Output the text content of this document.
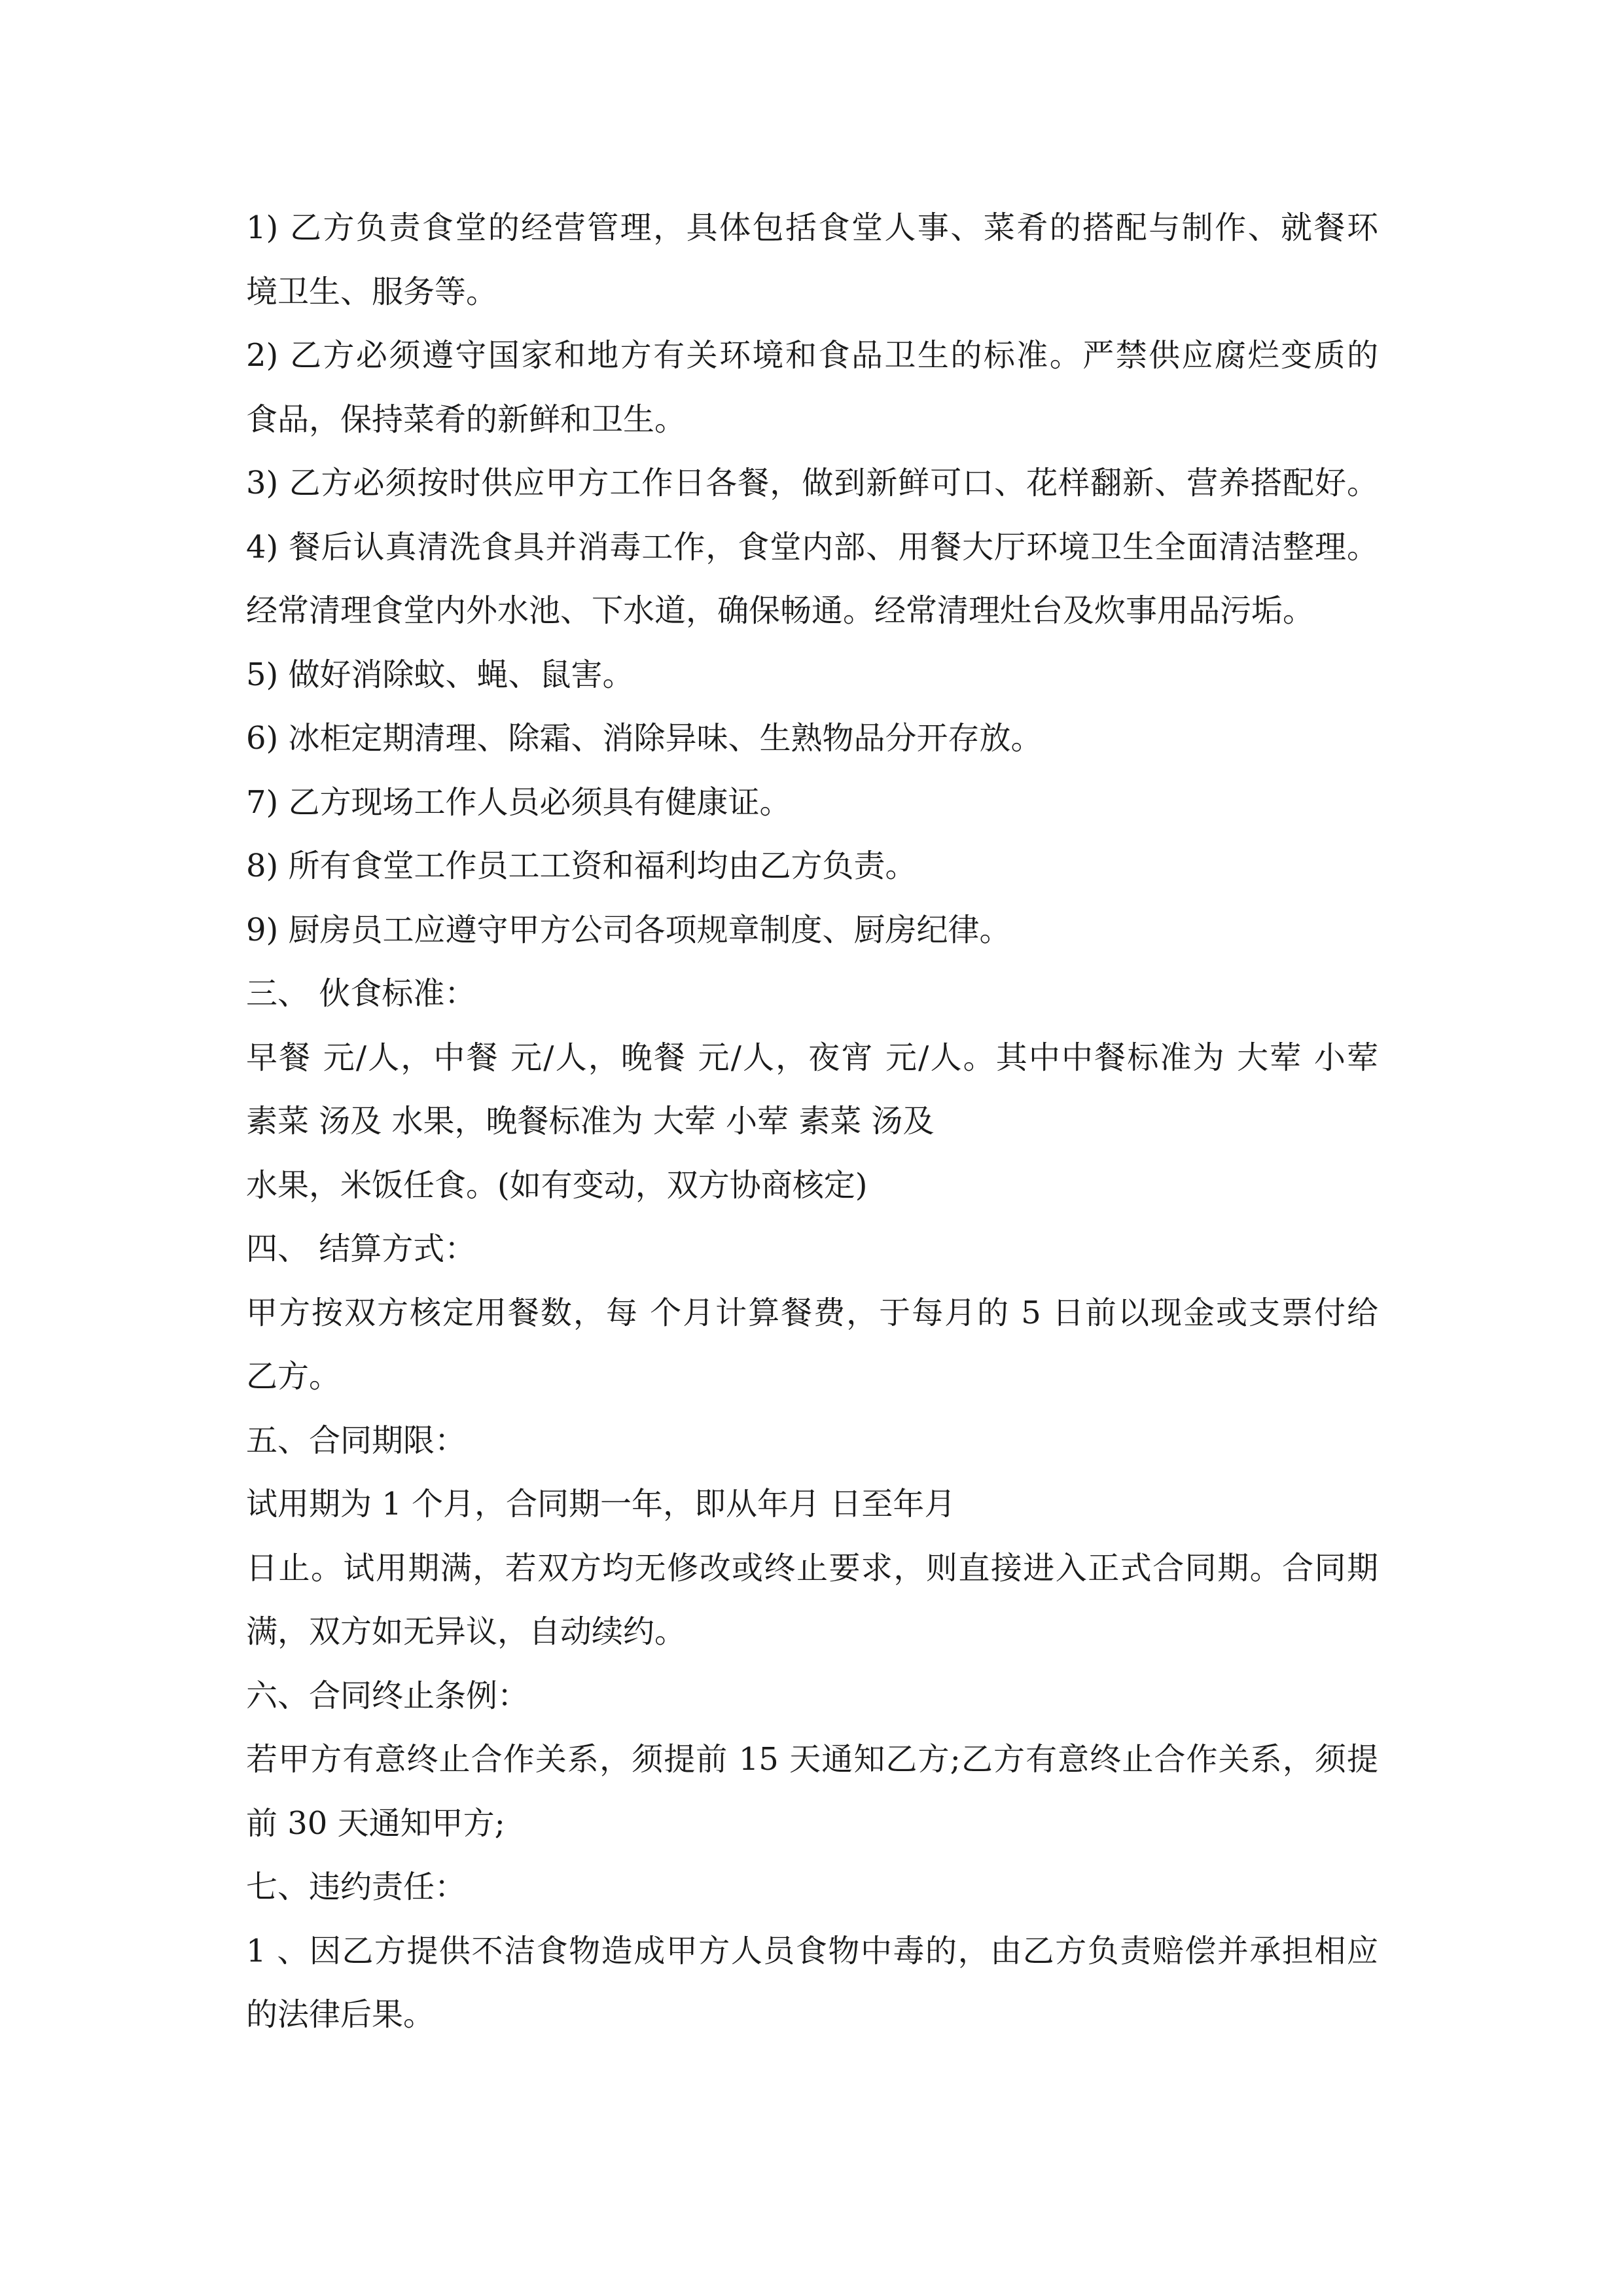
1) 乙方负责食堂的经营管理，具体包括食堂人事、菜肴的搭配与制作、就餐环
境卫生、服务等。
2) 乙方必须遵守国家和地方有关环境和食品卫生的标准。严禁供应腐烂变质的
食品，保持菜肴的新鲜和卫生。
3) 乙方必须按时供应甲方工作日各餐，做到新鲜可口、花样翻新、营养搭配好。
4) 餐后认真清洗食具并消毒工作，食堂内部、用餐大厅环境卫生全面清洁整理。
经常清理食堂内外水池、下水道，确保畅通。经常清理灶台及炊事用品污垢。
5) 做好消除蚊、蝇、鼠害。
6) 冰柜定期清理、除霜、消除异味、生熟物品分开存放。
7) 乙方现场工作人员必须具有健康证。
8) 所有食堂工作员工工资和福利均由乙方负责。
9) 厨房员工应遵守甲方公司各项规章制度、厨房纪律。
三、 伙食标准：
早餐 元/人，中餐 元/人，晚餐 元/人，夜宵 元/人。其中中餐标准为 大荤 小荤
素菜 汤及 水果，晚餐标准为 大荤 小荤 素菜 汤及
水果，米饭任食。(如有变动，双方协商核定)
四、 结算方式：
甲方按双方核定用餐数，每 个月计算餐费，于每月的 5 日前以现金或支票付给
乙方。
五、合同期限：
试用期为 1 个月，合同期一年，即从年月 日至年月
日止。试用期满，若双方均无修改或终止要求，则直接进入正式合同期。合同期
满，双方如无异议，自动续约。
六、合同终止条例：
若甲方有意终止合作关系，须提前 15 天通知乙方;乙方有意终止合作关系，须提
前 30 天通知甲方;
七、违约责任：
1 、因乙方提供不洁食物造成甲方人员食物中毒的，由乙方负责赔偿并承担相应
的法律后果。
